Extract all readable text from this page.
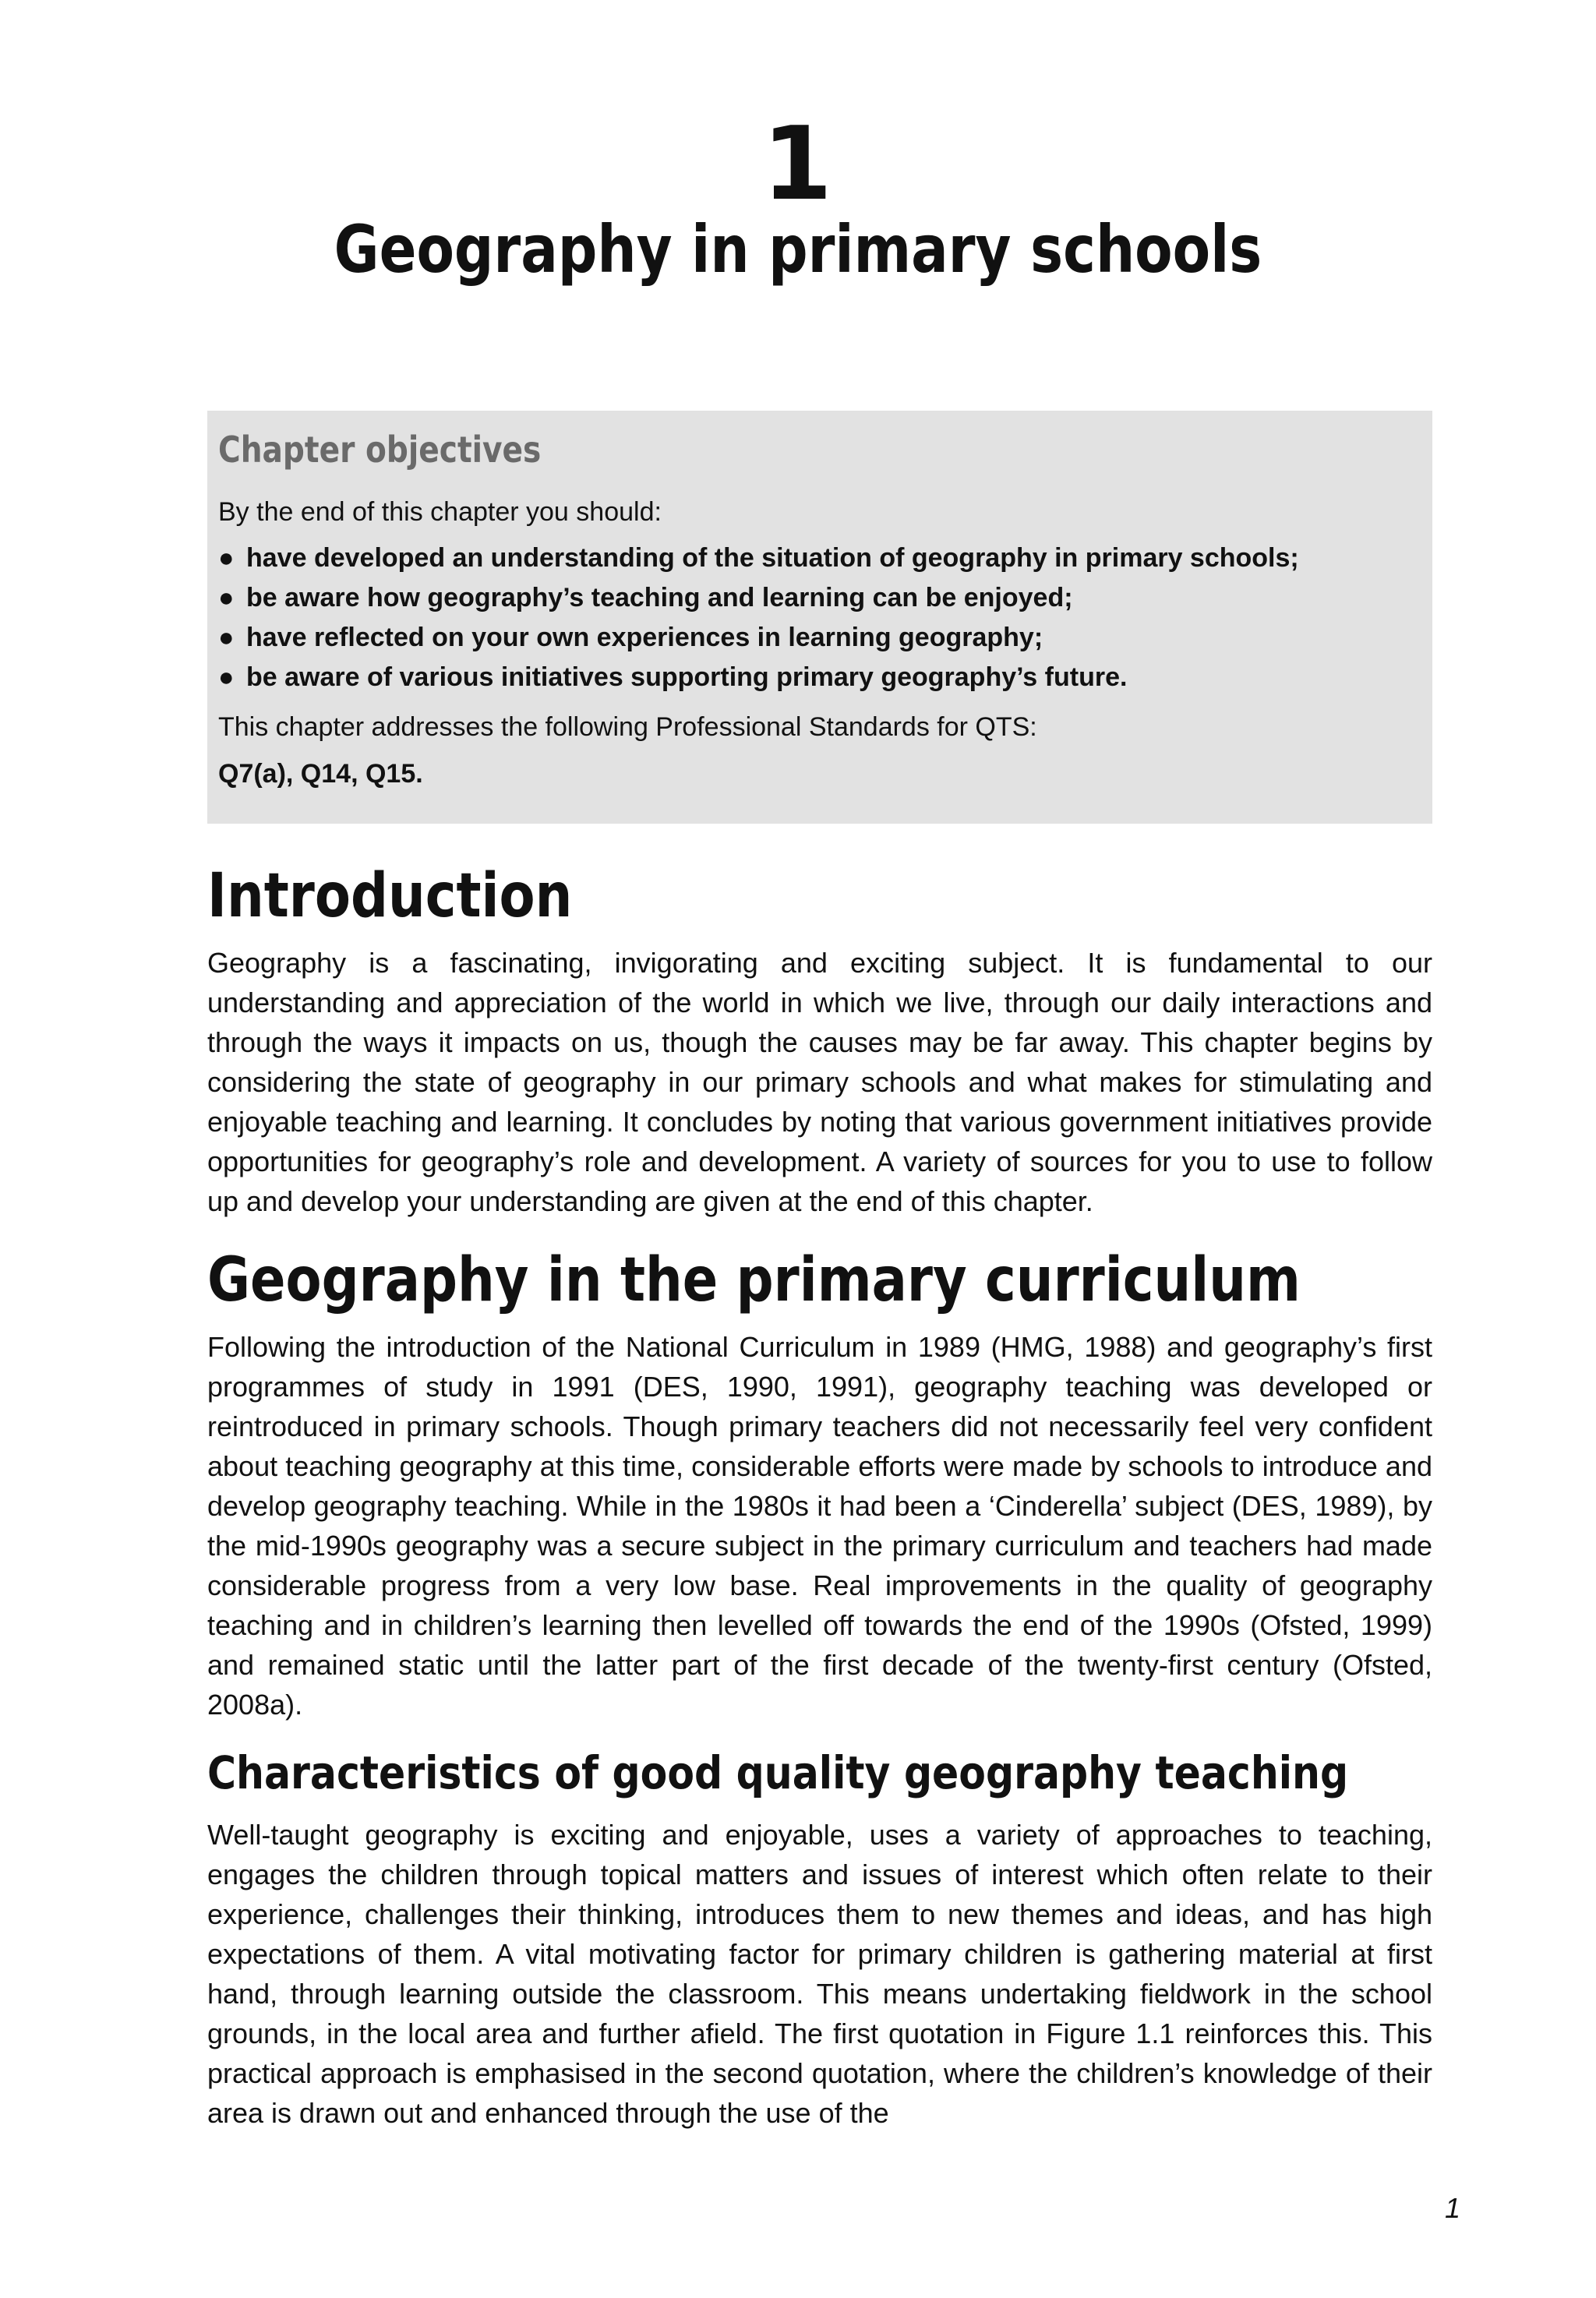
1
Geography in primary schools
Chapter objectives
By the end of this chapter you should:
● have developed an understanding of the situation of geography in primary schools;
● be aware how geography’s teaching and learning can be enjoyed;
● have reflected on your own experiences in learning geography;
● be aware of various initiatives supporting primary geography’s future.
This chapter addresses the following Professional Standards for QTS:
Q7(a), Q14, Q15.
Introduction

Geography is a fascinating, invigorating and exciting subject. It is fundamental to our understanding and appreciation of the world in which we live, through our daily interactions and through the ways it impacts on us, though the causes may be far away. This chapter begins by considering the state of geography in our primary schools and what makes for stimulating and enjoyable teaching and learning. It concludes by noting that various government initiatives provide opportunities for geography’s role and development. A variety of sources for you to use to follow up and develop your understanding are given at the end of this chapter.

Geography in the primary curriculum

Following the introduction of the National Curriculum in 1989 (HMG, 1988) and geography’s first programmes of study in 1991 (DES, 1990, 1991), geography teaching was developed or reintroduced in primary schools. Though primary teachers did not necessarily feel very confident about teaching geography at this time, considerable efforts were made by schools to introduce and develop geography teaching. While in the 1980s it had been a ‘Cinderella’ subject (DES, 1989), by the mid-1990s geography was a secure subject in the primary curriculum and teachers had made considerable progress from a very low base. Real improvements in the quality of geography teaching and in children’s learning then levelled off towards the end of the 1990s (Ofsted, 1999) and remained static until the latter part of the first decade of the twenty-first century (Ofsted, 2008a).

Characteristics of good quality geography teaching

Well-taught geography is exciting and enjoyable, uses a variety of approaches to teaching, engages the children through topical matters and issues of interest which often relate to their experience, challenges their thinking, introduces them to new themes and ideas, and has high expectations of them. A vital motivating factor for primary children is gathering material at first hand, through learning outside the classroom. This means undertaking fieldwork in the school grounds, in the local area and further afield. The first quotation in Figure 1.1 reinforces this. This practical approach is emphasised in the second quotation, where the children’s knowledge of their area is drawn out and enhanced through the use of the

1
